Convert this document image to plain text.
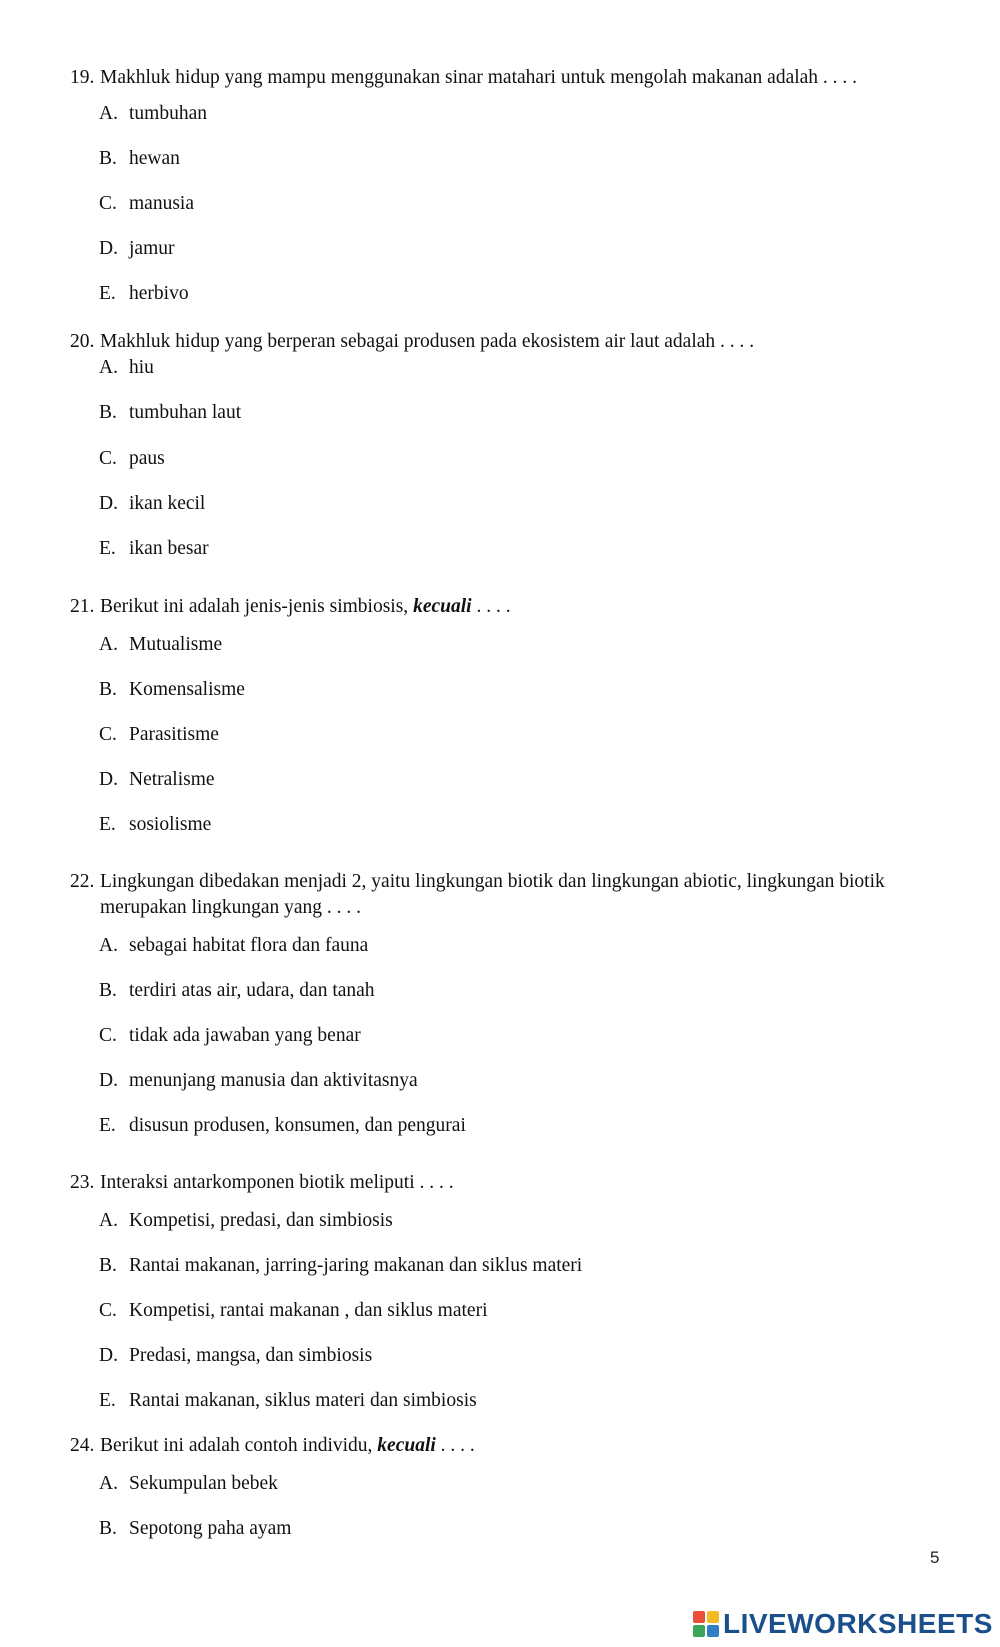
19. Makhluk hidup yang mampu menggunakan sinar matahari untuk mengolah makanan adalah . . . .
A. tumbuhan
B. hewan
C. manusia
D. jamur
E. herbivo
20. Makhluk hidup yang berperan sebagai produsen pada ekosistem air laut adalah . . . .
A. hiu
B. tumbuhan laut
C. paus
D. ikan kecil
E. ikan besar
21. Berikut ini adalah jenis-jenis simbiosis, kecuali . . . .
A. Mutualisme
B. Komensalisme
C. Parasitisme
D. Netralisme
E. sosiolisme
22. Lingkungan dibedakan menjadi 2, yaitu lingkungan biotik dan lingkungan abiotic, lingkungan biotik merupakan lingkungan yang . . . .
A. sebagai habitat flora dan fauna
B. terdiri atas air, udara, dan tanah
C. tidak ada jawaban yang benar
D. menunjang manusia dan aktivitasnya
E. disusun produsen, konsumen, dan pengurai
23. Interaksi antarkomponen biotik meliputi . . . .
A. Kompetisi, predasi, dan simbiosis
B. Rantai makanan, jarring-jaring makanan dan siklus materi
C. Kompetisi, rantai makanan , dan siklus materi
D. Predasi, mangsa, dan simbiosis
E. Rantai makanan, siklus materi dan simbiosis
24. Berikut ini adalah contoh individu, kecuali . . . .
A. Sekumpulan bebek
B. Sepotong paha ayam
5
LIVEWORKSHEETS
